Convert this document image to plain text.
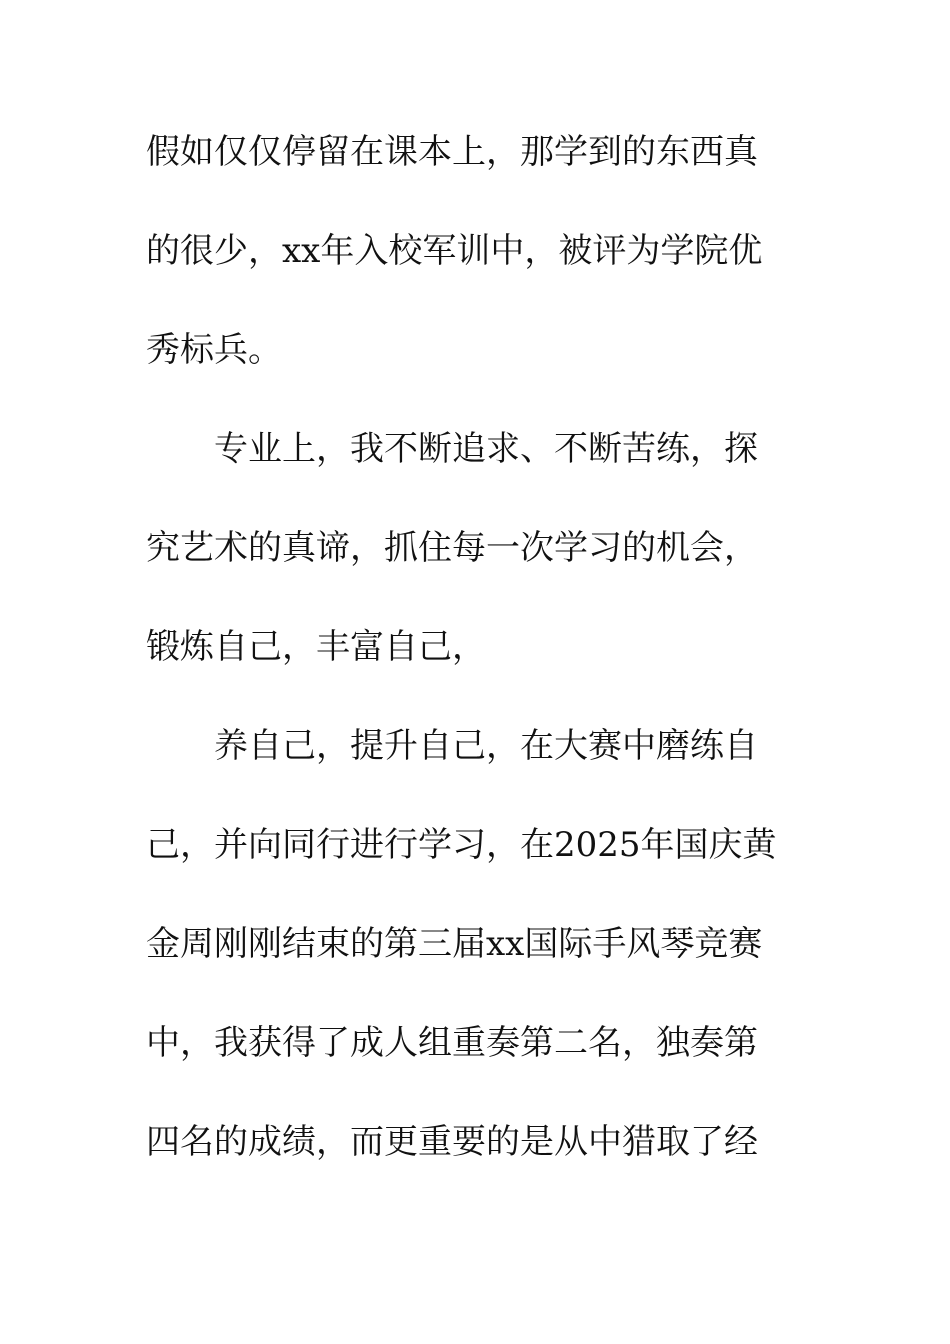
假如仅仅停留在课本上，那学到的东西真
的很少，xx年入校军训中，被评为学院优
秀标兵。
专业上，我不断追求、不断苦练，探
究艺术的真谛，抓住每一次学习的机会，
锻炼自己，丰富自己，
养自己，提升自己，在大赛中磨练自
己，并向同行进行学习，在2025年国庆黄
金周刚刚结束的第三届xx国际手风琴竞赛
中，我获得了成人组重奏第二名，独奏第
四名的成绩，而更重要的是从中猎取了经
